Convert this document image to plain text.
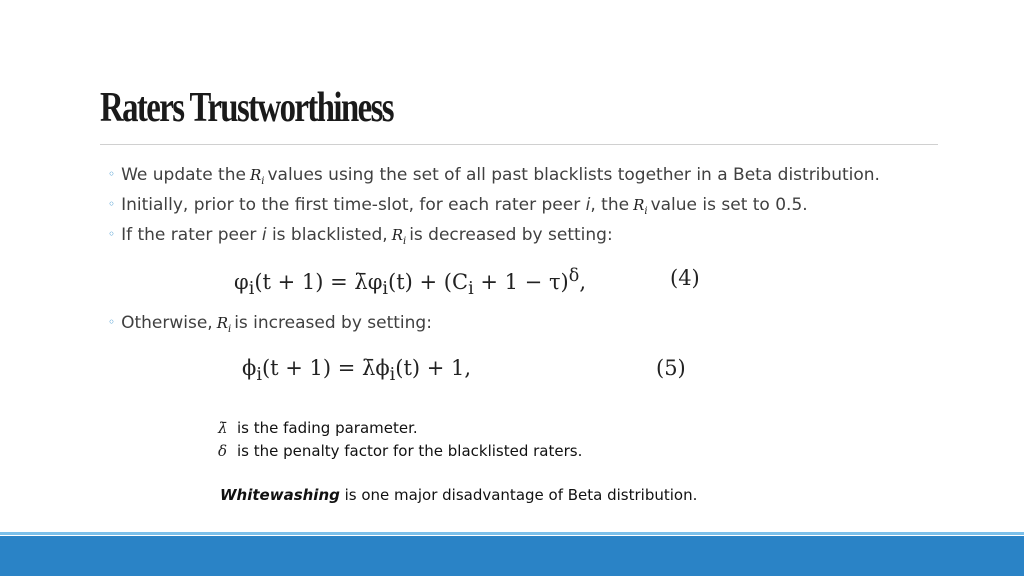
Raters Trustworthiness
◦ We update the $R_i$ values using the set of all past blacklists together in a Beta distribution.
◦ Initially, prior to the first time-slot, for each rater peer i, the $R_i$ value is set to 0.5.
◦ If the rater peer i is blacklisted, $R_i$ is decreased by setting:
$\varphi_i(t + 1)$ = $\lambdā\varphi_i(t) + (C_i + 1 - \tau)^\delta$,	(4)
◦ Otherwise, $R_i$ is increased by setting:
$\phi_i(t + 1)$ = $\lambdā\phi_i(t) + 1$,	(5)
λ̄ is the fading parameter.
δ is the penalty factor for the blacklisted raters.
Whitewashing is one major disadvantage of Beta distribution.
